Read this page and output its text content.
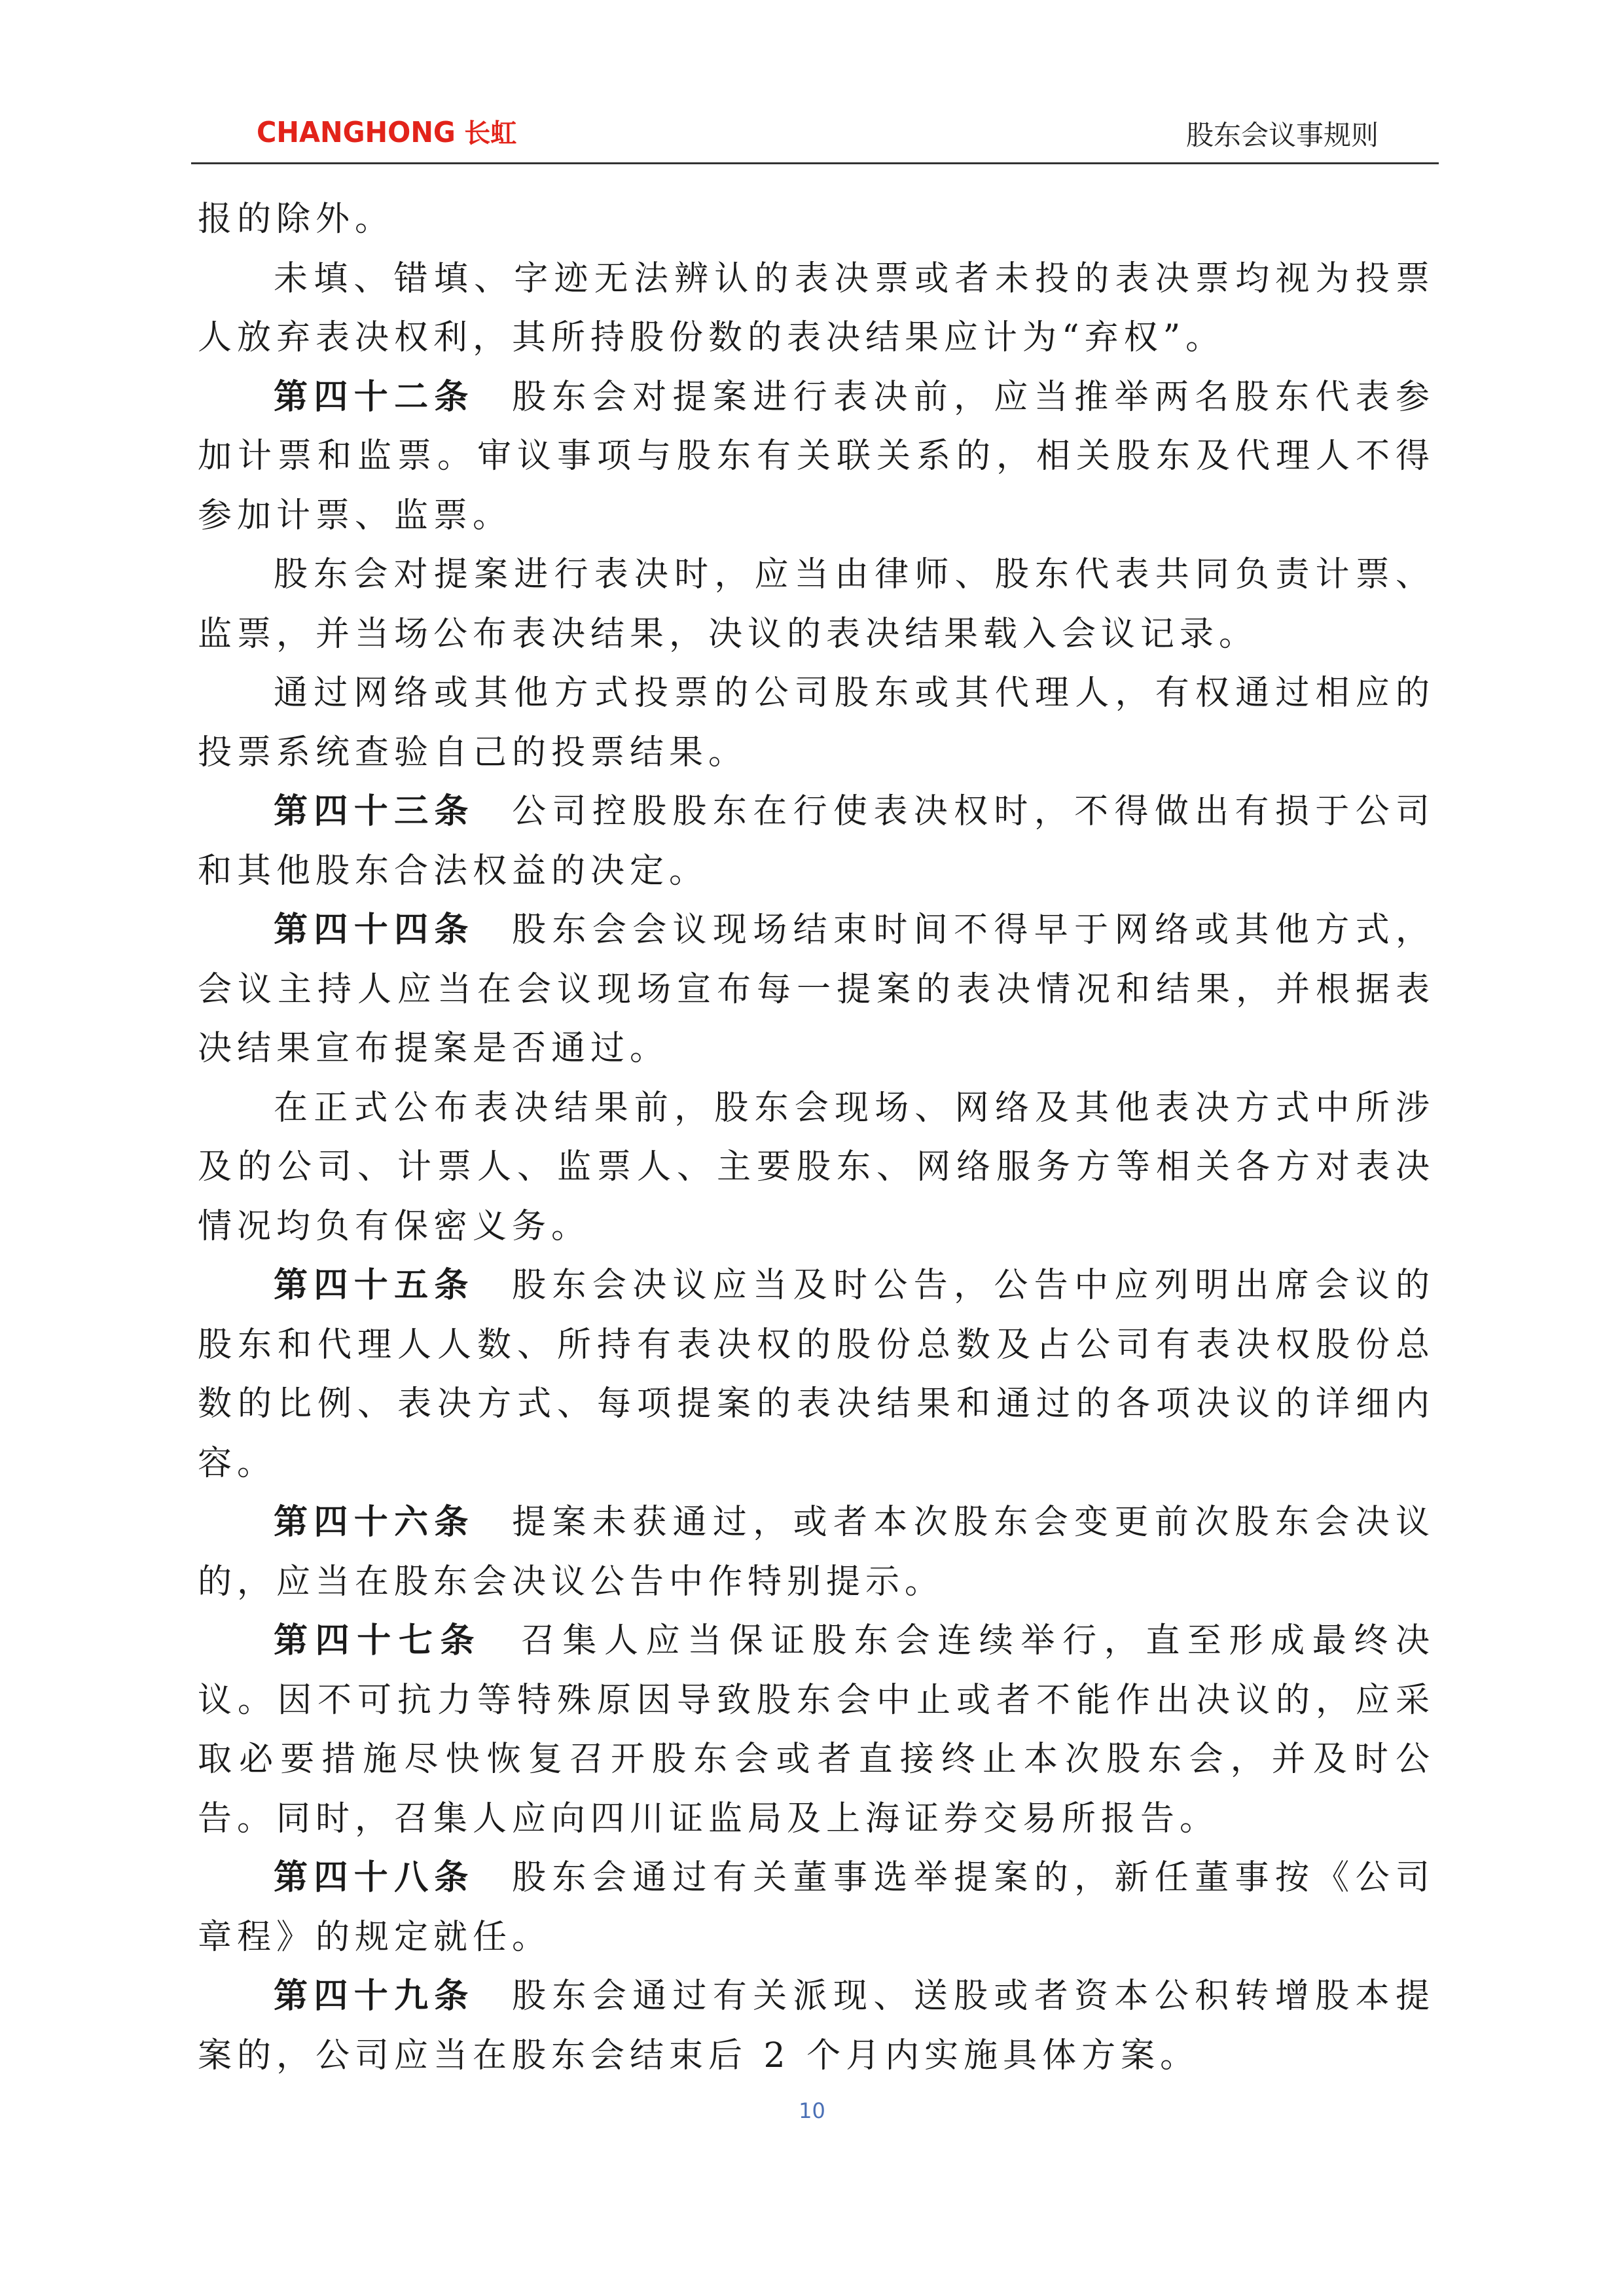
CHANGHONG 长虹	股东会议事规则

报的除外。

未填、错填、字迹无法辨认的表决票或者未投的表决票均视为投票人放弃表决权利，其所持股份数的表决结果应计为“弃权”。

第四十二条 股东会对提案进行表决前，应当推举两名股东代表参加计票和监票。审议事项与股东有关联关系的，相关股东及代理人不得参加计票、监票。

股东会对提案进行表决时，应当由律师、股东代表共同负责计票、监票，并当场公布表决结果，决议的表决结果载入会议记录。

通过网络或其他方式投票的公司股东或其代理人，有权通过相应的投票系统查验自己的投票结果。

第四十三条 公司控股股东在行使表决权时，不得做出有损于公司和其他股东合法权益的决定。

第四十四条 股东会会议现场结束时间不得早于网络或其他方式，会议主持人应当在会议现场宣布每一提案的表决情况和结果，并根据表决结果宣布提案是否通过。

在正式公布表决结果前，股东会现场、网络及其他表决方式中所涉及的公司、计票人、监票人、主要股东、网络服务方等相关各方对表决情况均负有保密义务。

第四十五条 股东会决议应当及时公告，公告中应列明出席会议的股东和代理人人数、所持有表决权的股份总数及占公司有表决权股份总数的比例、表决方式、每项提案的表决结果和通过的各项决议的详细内容。

第四十六条 提案未获通过，或者本次股东会变更前次股东会决议的，应当在股东会决议公告中作特别提示。

第四十七条 召集人应当保证股东会连续举行，直至形成最终决议。因不可抗力等特殊原因导致股东会中止或者不能作出决议的，应采取必要措施尽快恢复召开股东会或者直接终止本次股东会，并及时公告。同时，召集人应向四川证监局及上海证券交易所报告。

第四十八条 股东会通过有关董事选举提案的，新任董事按《公司章程》的规定就任。

第四十九条 股东会通过有关派现、送股或者资本公积转增股本提案的，公司应当在股东会结束后 2 个月内实施具体方案。

10
